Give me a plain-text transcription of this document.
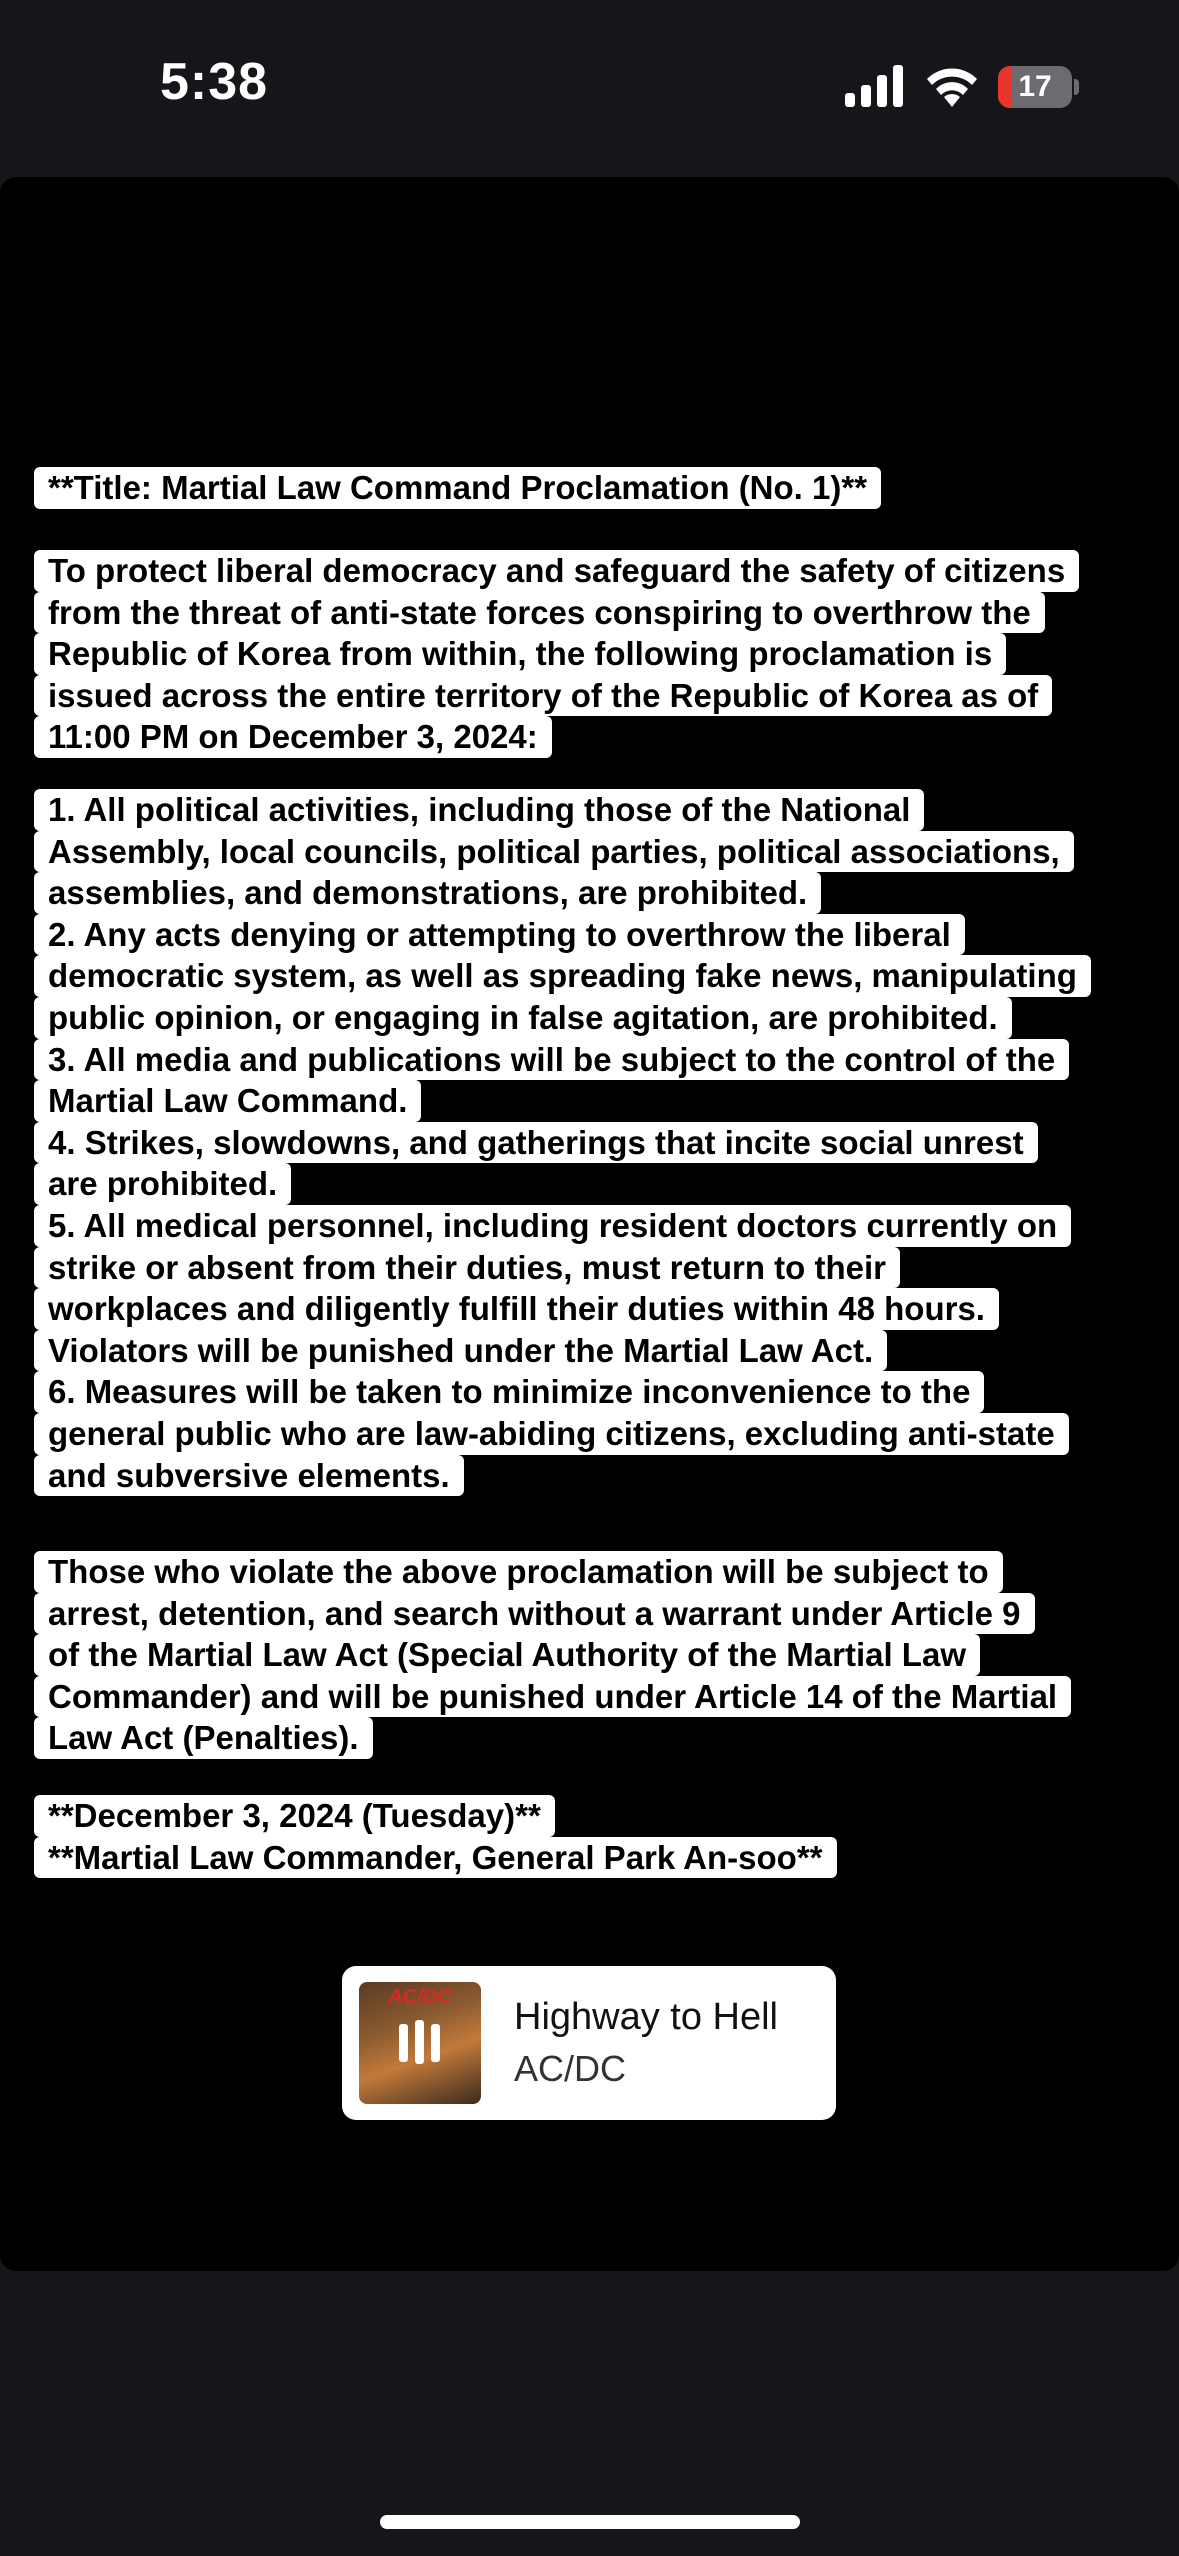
5:38	17
**Title: Martial Law Command Proclamation (No. 1)**
To protect liberal democracy and safeguard the safety of citizens
from the threat of anti-state forces conspiring to overthrow the
Republic of Korea from within, the following proclamation is
issued across the entire territory of the Republic of Korea as of
11:00 PM on December 3, 2024:
1. All political activities, including those of the National
Assembly, local councils, political parties, political associations,
assemblies, and demonstrations, are prohibited.
2. Any acts denying or attempting to overthrow the liberal
democratic system, as well as spreading fake news, manipulating
public opinion, or engaging in false agitation, are prohibited.
3. All media and publications will be subject to the control of the
Martial Law Command.
4. Strikes, slowdowns, and gatherings that incite social unrest
are prohibited.
5. All medical personnel, including resident doctors currently on
strike or absent from their duties, must return to their
workplaces and diligently fulfill their duties within 48 hours.
Violators will be punished under the Martial Law Act.
6. Measures will be taken to minimize inconvenience to the
general public who are law-abiding citizens, excluding anti-state
and subversive elements.
Those who violate the above proclamation will be subject to
arrest, detention, and search without a warrant under Article 9
of the Martial Law Act (Special Authority of the Martial Law
Commander) and will be punished under Article 14 of the Martial
Law Act (Penalties).
**December 3, 2024 (Tuesday)**
**Martial Law Commander, General Park An-soo**
AC/DC	Highway to Hell
AC/DC
